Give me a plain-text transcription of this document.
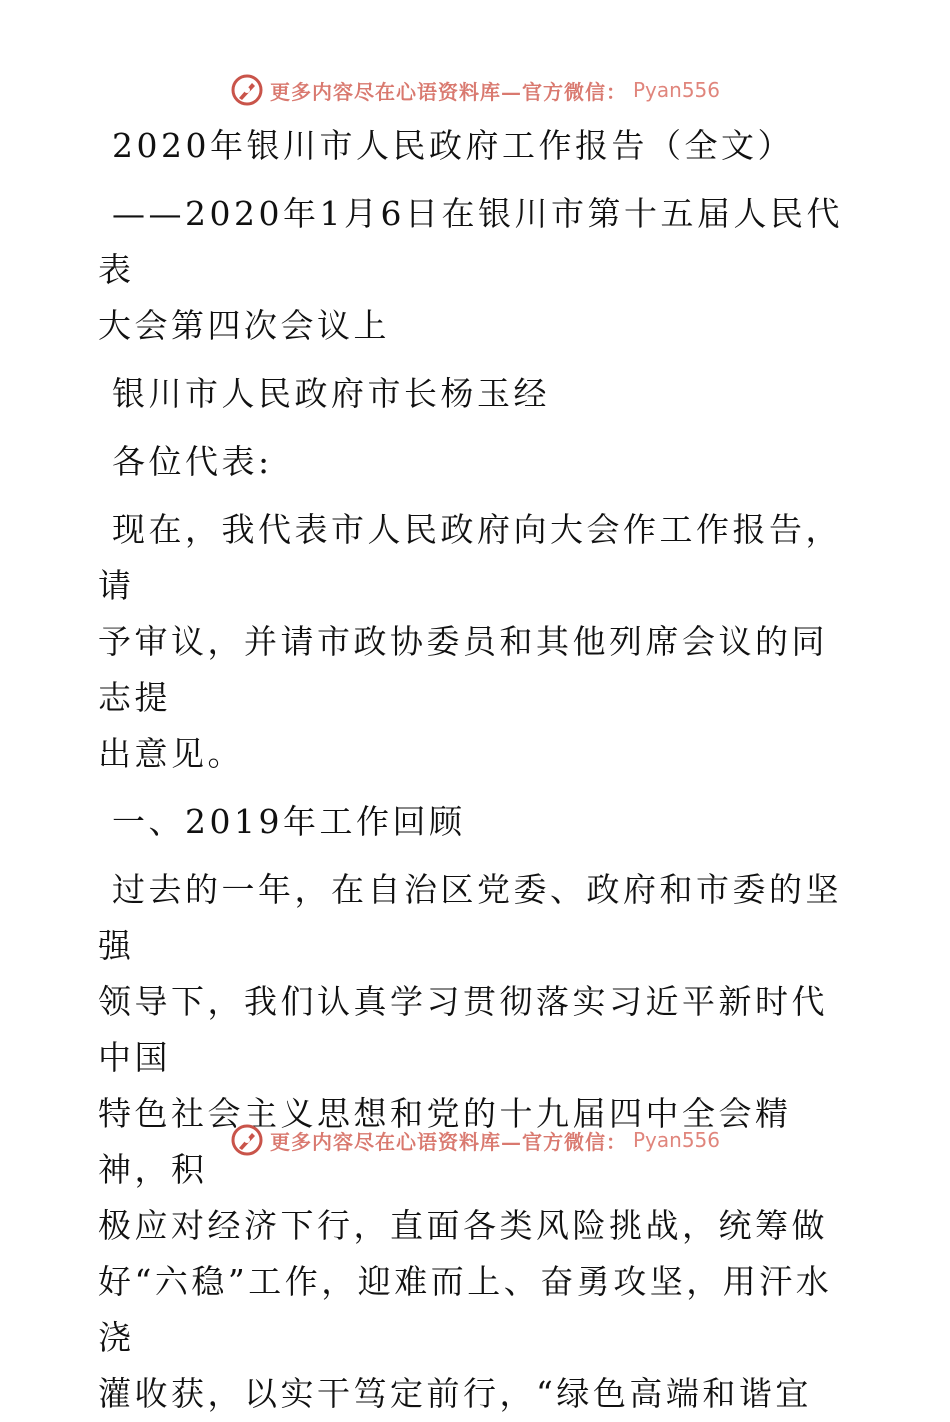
更多内容尽在心语资料库—官方微信： Pyan556

2020年银川市人民政府工作报告（全文）

——2020年1月6日在银川市第十五届人民代表
大会第四次会议上

银川市人民政府市长杨玉经

各位代表:

现在，我代表市人民政府向大会作工作报告，请
予审议，并请市政协委员和其他列席会议的同志提
出意见。

一、2019年工作回顾

过去的一年，在自治区党委、政府和市委的坚强
领导下，我们认真学习贯彻落实习近平新时代中国
特色社会主义思想和党的十九届四中全会精神，积
极应对经济下行，直面各类风险挑战，统筹做
好“六稳”工作，迎难而上、奋勇攻坚，用汗水浇
灌收获，以实干笃定前行，“绿色高端和谐宜

更多内容尽在心语资料库—官方微信： Pyan556
